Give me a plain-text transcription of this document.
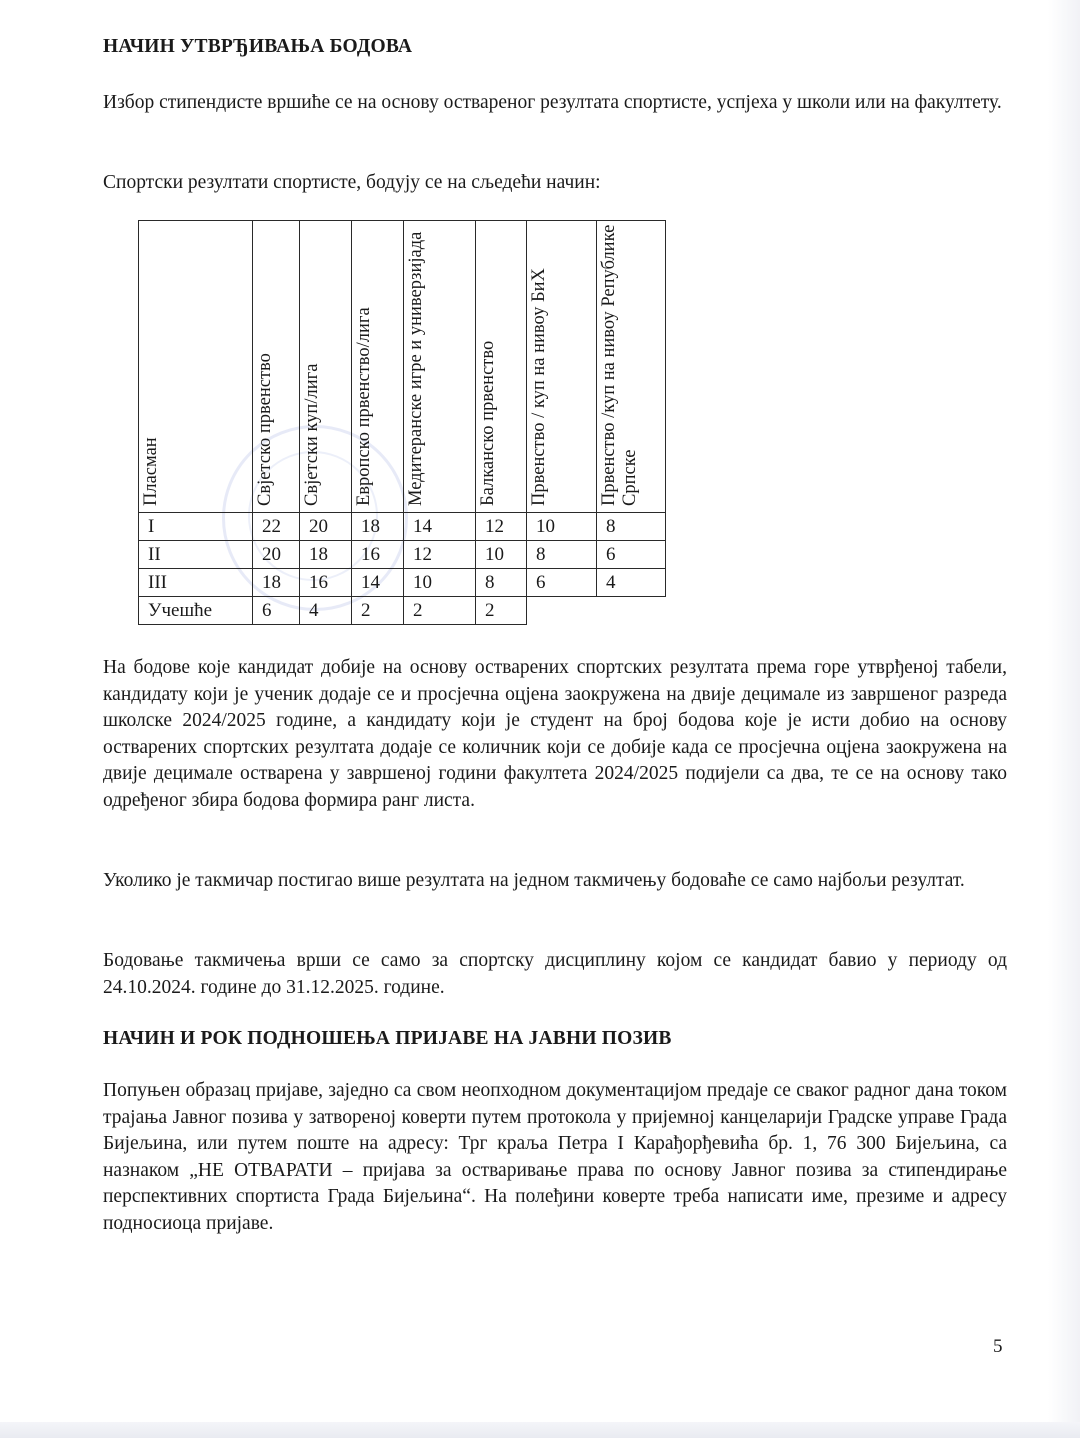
НАЧИН УТВРЂИВАЊА БОДОВА
Избор стипендисте вршиће се на основу оствареног резултата спортисте, успјеха у школи или на факултету.
Спортски резултати спортисте, бодују се на сљедећи начин:
Пласман	Свјетско првенство	Свјетски куп/лига	Европско првенство/лига	Медитеранске игре и универзијада	Балканско првенство	Првенство / куп на нивоу БиХ	Првенство /куп на нивоу Републике Српске

I	22	20	18	14	12	10	8
II	20	18	16	12	10	8	6
III	18	16	14	10	8	6	4
Учешће	6	4	2	2	2		
На бодове које кандидат добије на основу остварених спортских резултата према горе утврђеној табели, кандидату који је ученик додаје се и просјечна оцјена заокружена на двије децимале из завршеног разреда школске 2024/2025 године, а кандидату који је студент на број бодова које је исти добио на основу остварених спортских резултата додаје се количник који се добије када се просјечна оцјена заокружена на двије децимале остварена у завршеној години факултета 2024/2025 подијели са два, те се на основу тако одређеног збира бодова формира ранг листа.
Уколико је такмичар постигао више резултата на једном такмичењу бодоваће се само најбољи резултат.
Бодовање такмичења врши се само за спортску дисциплину којом се кандидат бавио у периоду од 24.10.2024. године до 31.12.2025. године.
НАЧИН И РОК ПОДНОШЕЊА ПРИЈАВЕ НА ЈАВНИ ПОЗИВ
Попуњен образац пријаве, заједно са свом неопходном документацијом предаје се сваког радног дана током трајања Јавног позива у затвореној коверти путем протокола у пријемној канцеларији Градске управе Града Бијељина, или путем поште на адресу: Трг краља Петра I Карађорђевића бр. 1, 76 300 Бијељина, са назнаком „НЕ ОТВАРАТИ – пријава за остваривање права по основу Јавног позива за стипендирање перспективних спортиста Града Бијељина“. На полеђини коверте треба написати име, презиме и адресу подносиоца пријаве.
5
